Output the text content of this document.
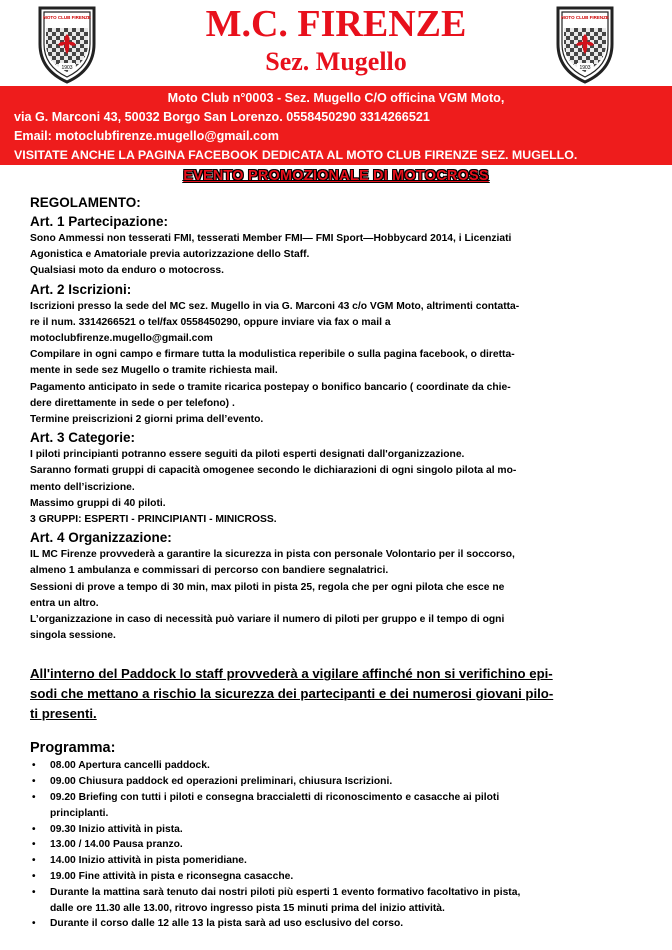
MOTO CLUB FIRENZE
1903
MOTO CLUB FIRENZE
1903
M.C. FIRENZE
Sez. Mugello
Moto Club n°0003 - Sez. Mugello C/O officina VGM Moto,
via G. Marconi 43, 50032 Borgo San Lorenzo. 0558450290 3314266521
Email: motoclubfirenze.mugello@gmail.com
VISITATE ANCHE LA PAGINA FACEBOOK DEDICATA AL MOTO CLUB FIRENZE SEZ. MUGELLO.
EVENTO PROMOZIONALE DI MOTOCROSS
REGOLAMENTO:
Art. 1 Partecipazione:
Sono Ammessi non tesserati FMI, tesserati Member FMI— FMI Sport—Hobbycard 2014, i Licenziati
Agonistica e Amatoriale previa autorizzazione dello Staff.
Qualsiasi moto da enduro o motocross.
Art. 2 Iscrizioni:
Iscrizioni presso la sede del MC sez. Mugello in via G. Marconi 43 c/o VGM Moto, altrimenti contatta-
re il num. 3314266521 o tel/fax 0558450290, oppure inviare via fax o mail a
motoclubfirenze.mugello@gmail.com
Compilare in ogni campo e firmare tutta la modulistica reperibile o sulla pagina facebook, o diretta-
mente in sede sez Mugello o tramite richiesta mail.
Pagamento anticipato in sede o tramite ricarica postepay o bonifico bancario ( coordinate da chie-
dere direttamente in sede o per telefono) .
Termine preiscrizioni 2 giorni prima dell’evento.
Art. 3 Categorie:
I piloti principianti potranno essere seguiti da piloti esperti designati dall'organizzazione.
Saranno formati gruppi di capacità omogenee secondo le dichiarazioni di ogni singolo pilota al mo-
mento dell’iscrizione.
Massimo gruppi di 40 piloti.
3 GRUPPI: ESPERTI - PRINCIPIANTI - MINICROSS.
Art. 4 Organizzazione:
IL MC Firenze provvederà a garantire la sicurezza in pista con personale Volontario per il soccorso,
almeno 1 ambulanza e commissari di percorso con bandiere segnalatrici.
Sessioni di prove a tempo di 30 min, max piloti in pista 25, regola che per ogni pilota che esce ne
entra un altro.
L’organizzazione in caso di necessità può variare il numero di piloti per gruppo e il tempo di ogni
singola sessione.
All'interno del Paddock lo staff provvederà a vigilare affinché non si verifichino epi-
sodi che mettano a rischio la sicurezza dei partecipanti e dei numerosi giovani pilo-
ti presenti.
Programma:
• 08.00 Apertura cancelli paddock.
• 09.00 Chiusura paddock ed operazioni preliminari, chiusura Iscrizioni.
• 09.20 Briefing con tutti i piloti e consegna braccialetti di riconoscimento e casacche ai piloti
principlanti.
• 09.30 Inizio attività in pista.
• 13.00 / 14.00 Pausa pranzo.
• 14.00 Inizio attività in pista pomeridiane.
• 19.00 Fine attività in pista e riconsegna casacche.
• Durante la mattina sarà tenuto dai nostri piloti più esperti 1 evento formativo facoltativo in pista,
dalle ore 11.30 alle 13.00, ritrovo ingresso pista 15 minuti prima del inizio attività.
• Durante il corso dalle 12 alle 13 la pista sarà ad uso esclusivo del corso.
